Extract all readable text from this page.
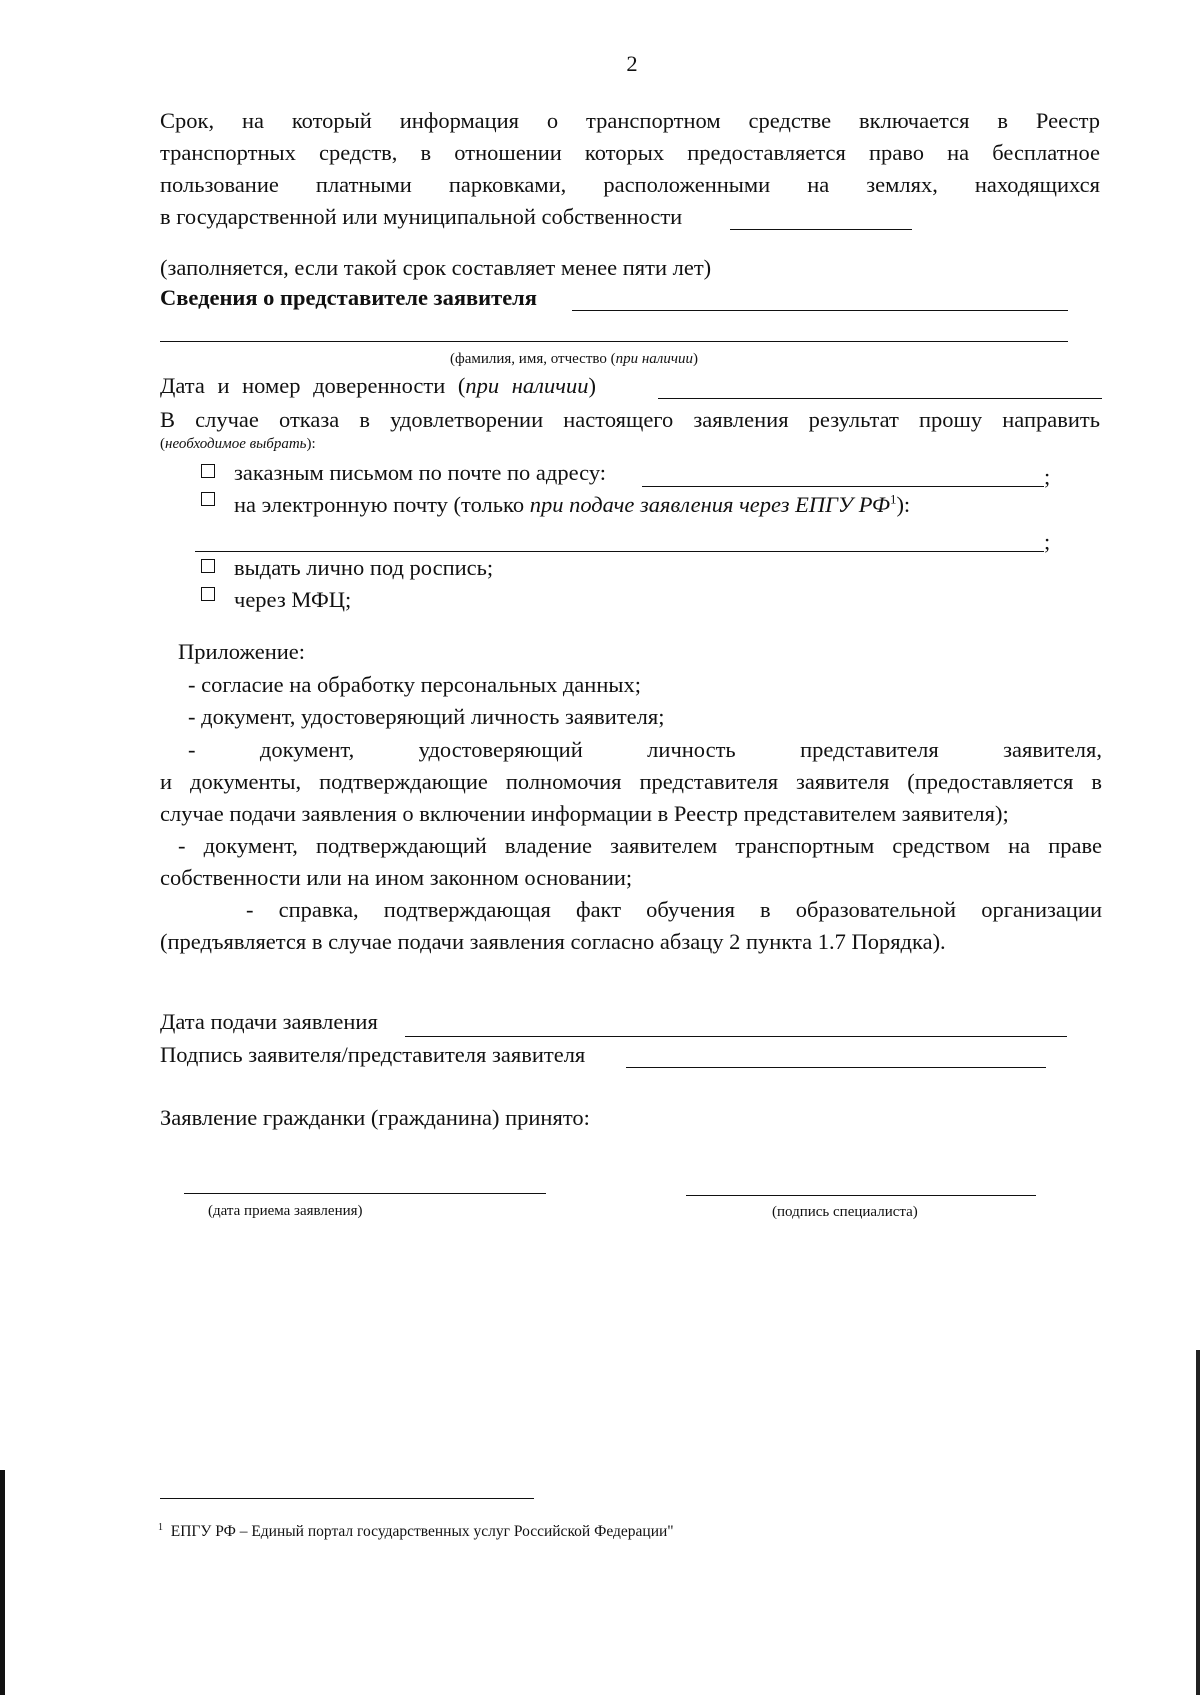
2
Срок, на который информация о транспортном средстве включается в Реестр
транспортных средств, в отношении которых предоставляется право на бесплатное
пользование платными парковками, расположенными на землях, находящихся
в государственной или муниципальной собственности
(заполняется, если такой срок составляет менее пяти лет)
Сведения о представителе заявителя
(фамилия, имя, отчество (при наличии)
Дата и номер доверенности (при наличии)
В случае отказа в удовлетворении настоящего заявления результат прошу направить
(необходимое выбрать):
заказным письмом по почте по адресу:	;
на электронную почту (только при подаче заявления через ЕПГУ $РФ^1$):
;
выдать лично под роспись;
через МФЦ;
Приложение:
- согласие на обработку персональных данных;
- документ, удостоверяющий личность заявителя;
- документ, удостоверяющий личность представителя заявителя,
и документы, подтверждающие полномочия представителя заявителя (предоставляется в
случае подачи заявления о включении информации в Реестр представителем заявителя);
- документ, подтверждающий владение заявителем транспортным средством на праве
собственности или на ином законном основании;
- справка, подтверждающая факт обучения в образовательной организации
(предъявляется в случае подачи заявления согласно абзацу 2 пункта 1.7 Порядка).
Дата подачи заявления
Подпись заявителя/представителя заявителя
Заявление гражданки (гражданина) принято:
(дата приема заявления)	(подпись специалиста)
$^1$ ЕПГУ РФ – Единый портал государственных услуг Российской Федерации"
